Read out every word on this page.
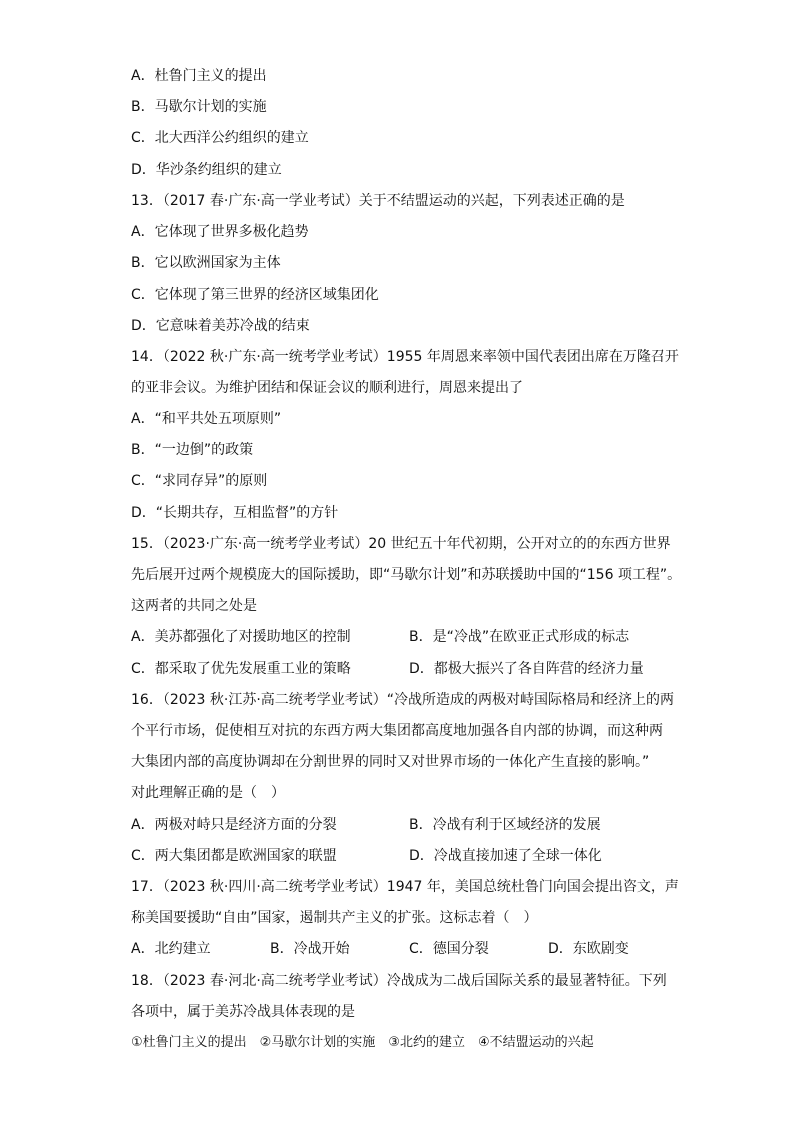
A．杜鲁门主义的提出
B．马歇尔计划的实施
C．北大西洋公约组织的建立
D．华沙条约组织的建立
13．（2017 春·广东·高一学业考试）关于不结盟运动的兴起，下列表述正确的是
A．它体现了世界多极化趋势
B．它以欧洲国家为主体
C．它体现了第三世界的经济区域集团化
D．它意味着美苏冷战的结束
14．（2022 秋·广东·高一统考学业考试）1955 年周恩来率领中国代表团出席在万隆召开
的亚非会议。为维护团结和保证会议的顺利进行，周恩来提出了
A．“和平共处五项原则”
B．“一边倒”的政策
C．“求同存异”的原则
D．“长期共存，互相监督”的方针
15．（2023·广东·高一统考学业考试）20 世纪五十年代初期，公开对立的的东西方世界
先后展开过两个规模庞大的国际援助，即“马歇尔计划”和苏联援助中国的“156 项工程”。
这两者的共同之处是
A．美苏都强化了对援助地区的控制	B．是“冷战”在欧亚正式形成的标志
C．都采取了优先发展重工业的策略	D．都极大振兴了各自阵营的经济力量
16．（2023 秋·江苏·高二统考学业考试）“冷战所造成的两极对峙国际格局和经济上的两
个平行市场，促使相互对抗的东西方两大集团都高度地加强各自内部的协调，而这种两
大集团内部的高度协调却在分割世界的同时又对世界市场的一体化产生直接的影响。”
对此理解正确的是（　）
A．两极对峙只是经济方面的分裂	B．冷战有利于区域经济的发展
C．两大集团都是欧洲国家的联盟	D．冷战直接加速了全球一体化
17．（2023 秋·四川·高二统考学业考试）1947 年，美国总统杜鲁门向国会提出咨文，声
称美国要援助“自由”国家，遏制共产主义的扩张。这标志着（　）
A．北约建立	B．冷战开始	C．德国分裂	D．东欧剧变
18．（2023 春·河北·高二统考学业考试）冷战成为二战后国际关系的最显著特征。下列
各项中，属于美苏冷战具体表现的是
①杜鲁门主义的提出　②马歇尔计划的实施　③北约的建立　④不结盟运动的兴起
